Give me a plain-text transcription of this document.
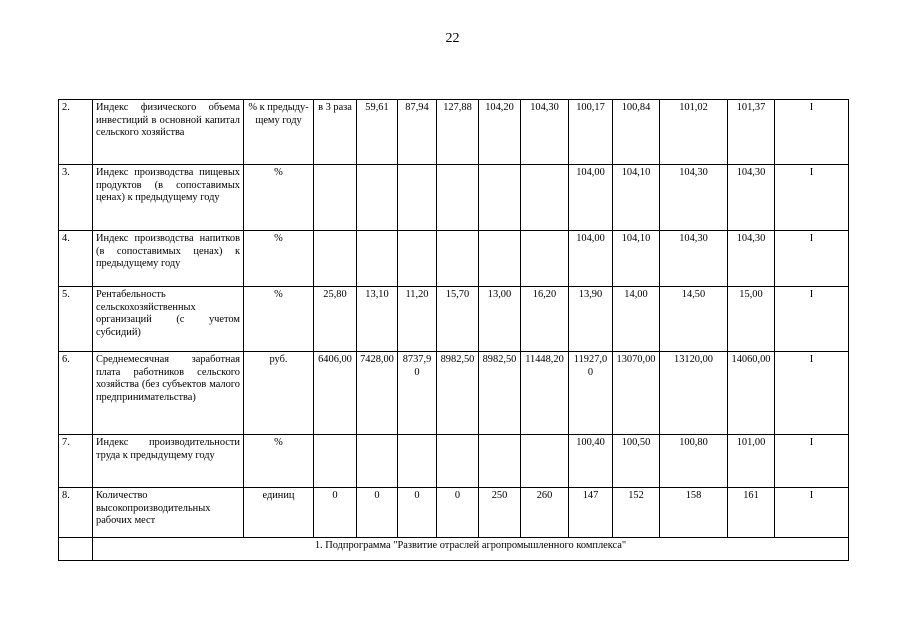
22
2.	Индекс физического объема инвестиций в основной капитал сельского хозяйства	% к предыду-щему году	в 3 раза	59,61	87,94	127,88	104,20	104,30	100,17	100,84	101,02	101,37	I
3.	Индекс производства пищевых продуктов (в сопоставимых ценах) к предыдущему году	%							104,00	104,10	104,30	104,30	I
4.	Индекс производства напитков (в сопоставимых ценах) к предыдущему году	%							104,00	104,10	104,30	104,30	I
5.	Рентабельность сельскохозяйственных организаций (с учетом субсидий)	%	25,80	13,10	11,20	15,70	13,00	16,20	13,90	14,00	14,50	15,00	I
6.	Среднемесячная заработная плата работников сельского хозяйства (без субъектов малого предпринимательства)	руб.	6406,00	7428,00	8737,90	8982,50	8982,50	11448,20	11927,00	13070,00	13120,00	14060,00	I
7.	Индекс производительности труда к предыдущему году	%							100,40	100,50	100,80	101,00	I
8.	Количество высокопроизводительных рабочих мест	единиц	0	0	0	0	250	260	147	152	158	161	I
	1. Подпрограмма "Развитие отраслей агропромышленного комплекса"												
